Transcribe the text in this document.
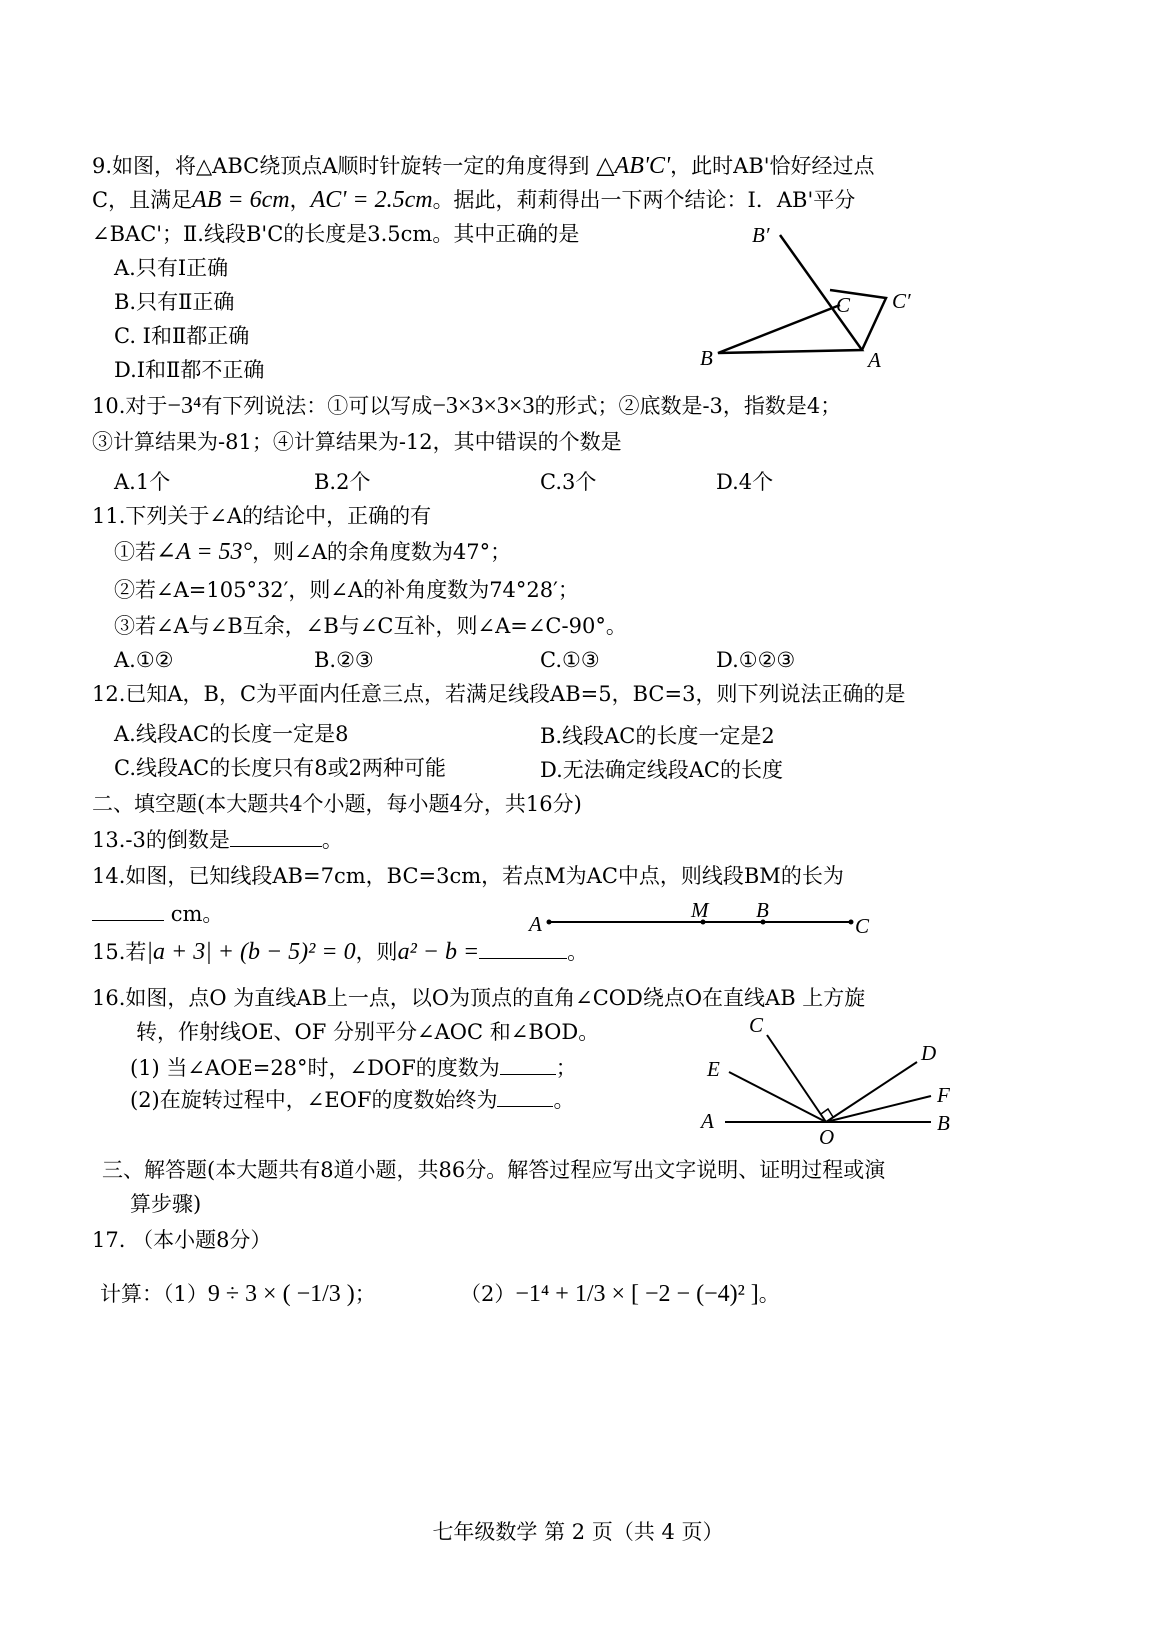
9.如图，将△ABC绕顶点A顺时针旋转一定的角度得到 △AB'C'，此时AB'恰好经过点
C，且满足AB = 6cm，AC' = 2.5cm。据此，莉莉得出一下两个结论：Ⅰ．AB'平分
∠BAC'；Ⅱ.线段B'C的长度是3.5cm。其中正确的是
A.只有Ⅰ正确
B.只有Ⅱ正确
C. Ⅰ和Ⅱ都正确
D.Ⅰ和Ⅱ都不正确
B′
C C′
B	A
10.对于−3⁴有下列说法：①可以写成−3×3×3×3的形式；②底数是-3，指数是4；
③计算结果为-81；④计算结果为-12，其中错误的个数是
A.1个	B.2个	C.3个	D.4个
11.下列关于∠A的结论中，正确的有
①若∠A = 53°，则∠A的余角度数为47°；
②若∠A=105°32′，则∠A的补角度数为74°28′；
③若∠A与∠B互余，∠B与∠C互补，则∠A=∠C-90°。
A.①②	B.②③	C.①③	D.①②③
12.已知A，B，C为平面内任意三点，若满足线段AB=5，BC=3，则下列说法正确的是
A.线段AC的长度一定是8	B.线段AC的长度一定是2
C.线段AC的长度只有8或2两种可能	D.无法确定线段AC的长度
二、填空题(本大题共4个小题，每小题4分，共16分)
13.-3的倒数是	。
14.如图，已知线段AB=7cm，BC=3cm，若点M为AC中点，则线段BM的长为
cm。	A
M B
C
15.若|a + 3| + (b − 5)² = 0，则a² − b =	。
16.如图，点O 为直线AB上一点，以O为顶点的直角∠COD绕点O在直线AB 上方旋
转，作射线OE、OF 分别平分∠AOC 和∠BOD。
(1) 当∠AOE=28°时，∠DOF的度数为	；
(2)在旋转过程中，∠EOF的度数始终为	。
C
D
E
F
A
O
B
三、解答题(本大题共有8道小题，共86分。解答过程应写出文字说明、证明过程或演
算步骤)
17. （本小题8分）
计算：（1）9 ÷ 3 × ( −1/3 )；	（2）−1⁴ + 1/3 × [ −2 − (−4)² ]。
七年级数学 第 2 页（共 4 页）
